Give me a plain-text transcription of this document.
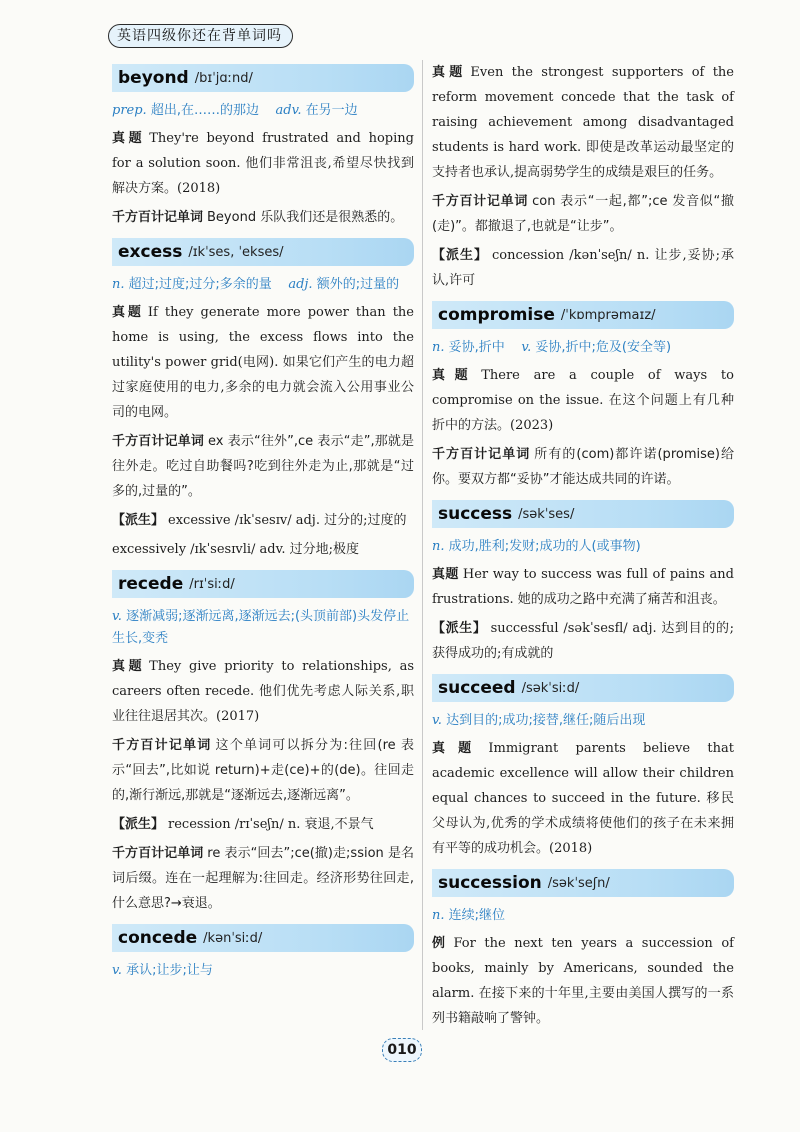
英语四级你还在背单词吗
beyond /bɪˈjɑːnd/
prep. 超出,在……的那边 adv. 在另一边
真题 They're beyond frustrated and hoping for a solution soon. 他们非常沮丧,希望尽快找到解决方案。(2018)
千方百计记单词 Beyond 乐队我们还是很熟悉的。
excess /ɪkˈses, ˈekses/
n. 超过;过度;过分;多余的量 adj. 额外的;过量的
真题 If they generate more power than the home is using, the excess flows into the utility's power grid(电网). 如果它们产生的电力超过家庭使用的电力,多余的电力就会流入公用事业公司的电网。
千方百计记单词 ex 表示“往外”,ce 表示“走”,那就是往外走。吃过自助餐吗?吃到往外走为止,那就是“过多的,过量的”。
【派生】 excessive /ɪkˈsesɪv/ adj. 过分的;过度的
excessively /ɪkˈsesɪvli/ adv. 过分地;极度
recede /rɪˈsiːd/
v. 逐渐减弱;逐渐远离,逐渐远去;(头顶前部)头发停止生长,变秃
真题 They give priority to relationships, as careers often recede. 他们优先考虑人际关系,职业往往退居其次。(2017)
千方百计记单词 这个单词可以拆分为:往回(re 表示“回去”,比如说 return)+走(ce)+的(de)。往回走的,渐行渐远,那就是“逐渐远去,逐渐远离”。
【派生】 recession /rɪˈseʃn/ n. 衰退,不景气
千方百计记单词 re 表示“回去”;ce(撤)走;ssion 是名词后缀。连在一起理解为:往回走。经济形势往回走,什么意思?→衰退。
concede /kənˈsiːd/
v. 承认;让步;让与
真题 Even the strongest supporters of the reform movement concede that the task of raising achievement among disadvantaged students is hard work. 即使是改革运动最坚定的支持者也承认,提高弱势学生的成绩是艰巨的任务。
千方百计记单词 con 表示“一起,都”;ce 发音似“撤(走)”。都撤退了,也就是“让步”。
【派生】 concession /kənˈseʃn/ n. 让步,妥协;承认,许可
compromise /ˈkɒmprəmaɪz/
n. 妥协,折中 v. 妥协,折中;危及(安全等)
真题 There are a couple of ways to compromise on the issue. 在这个问题上有几种折中的方法。(2023)
千方百计记单词 所有的(com)都许诺(promise)给你。要双方都“妥协”才能达成共同的许诺。
success /səkˈses/
n. 成功,胜利;发财;成功的人(或事物)
真题 Her way to success was full of pains and frustrations. 她的成功之路中充满了痛苦和沮丧。
【派生】 successful /səkˈsesfl/ adj. 达到目的的;获得成功的;有成就的
succeed /səkˈsiːd/
v. 达到目的;成功;接替,继任;随后出现
真题 Immigrant parents believe that academic excellence will allow their children equal chances to succeed in the future. 移民父母认为,优秀的学术成绩将使他们的孩子在未来拥有平等的成功机会。(2018)
succession /səkˈseʃn/
n. 连续;继位
例 For the next ten years a succession of books, mainly by Americans, sounded the alarm. 在接下来的十年里,主要由美国人撰写的一系列书籍敲响了警钟。
010
